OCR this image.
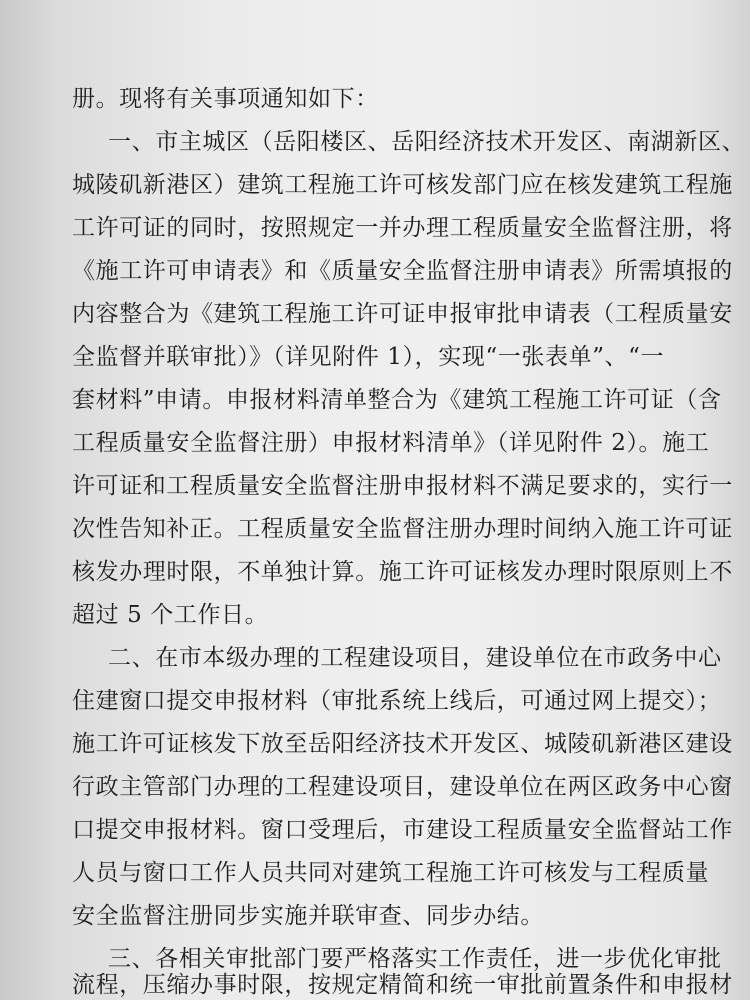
册。现将有关事项通知如下：
一、市主城区（岳阳楼区、岳阳经济技术开发区、南湖新区、
城陵矶新港区）建筑工程施工许可核发部门应在核发建筑工程施
工许可证的同时，按照规定一并办理工程质量安全监督注册，将
《施工许可申请表》和《质量安全监督注册申请表》所需填报的
内容整合为《建筑工程施工许可证申报审批申请表（工程质量安
全监督并联审批）》（详见附件 1），实现“一张表单”、“一
套材料”申请。申报材料清单整合为《建筑工程施工许可证（含
工程质量安全监督注册）申报材料清单》（详见附件 2）。施工
许可证和工程质量安全监督注册申报材料不满足要求的，实行一
次性告知补正。工程质量安全监督注册办理时间纳入施工许可证
核发办理时限，不单独计算。施工许可证核发办理时限原则上不
超过 5 个工作日。
二、在市本级办理的工程建设项目，建设单位在市政务中心
住建窗口提交申报材料（审批系统上线后，可通过网上提交）；
施工许可证核发下放至岳阳经济技术开发区、城陵矶新港区建设
行政主管部门办理的工程建设项目，建设单位在两区政务中心窗
口提交申报材料。窗口受理后，市建设工程质量安全监督站工作
人员与窗口工作人员共同对建筑工程施工许可核发与工程质量
安全监督注册同步实施并联审查、同步办结。
三、各相关审批部门要严格落实工作责任，进一步优化审批
流程，压缩办事时限，按规定精简和统一审批前置条件和申报材
